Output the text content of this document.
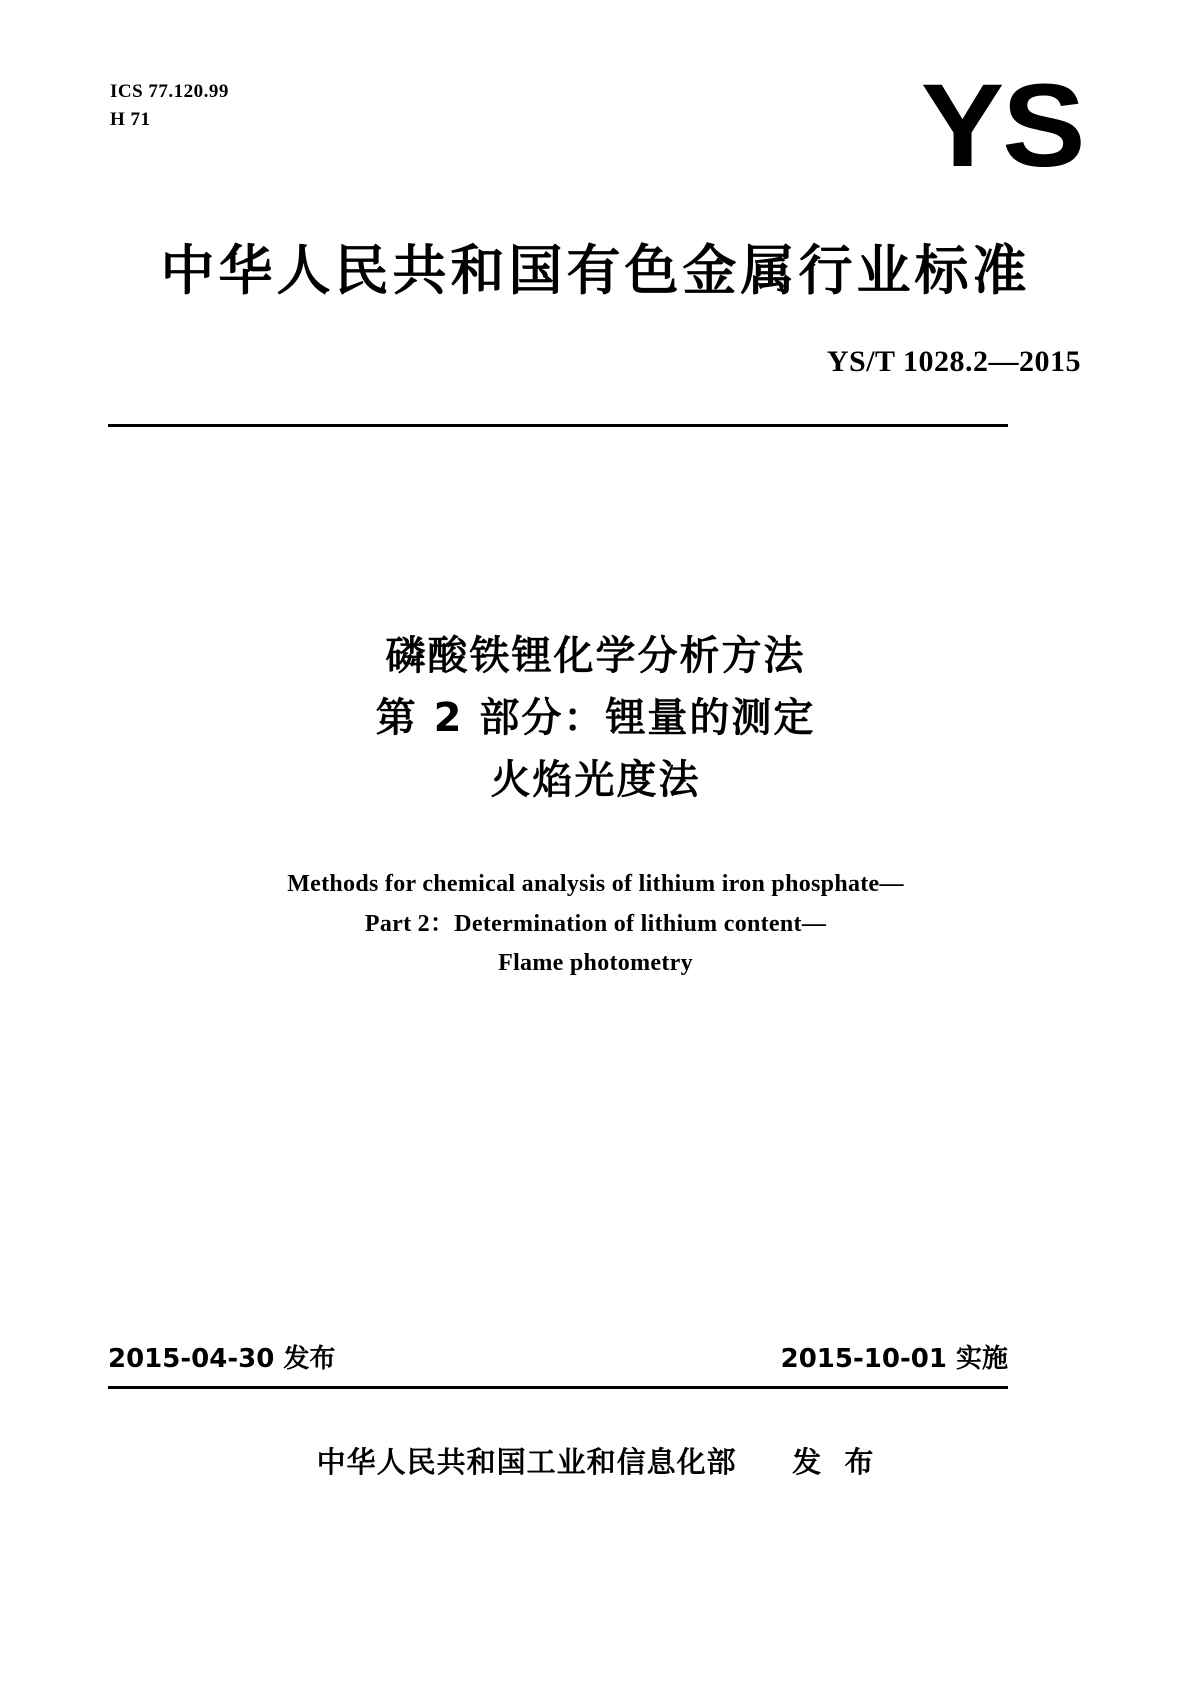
ICS 77.120.99
H 71	YS
中华人民共和国有色金属行业标准
YS/T 1028.2—2015
磷酸铁锂化学分析方法
第 2 部分：锂量的测定
火焰光度法
Methods for chemical analysis of lithium iron phosphate—
Part 2：Determination of lithium content—
Flame photometry
2015-04-30 发布	2015-10-01 实施
中华人民共和国工业和信息化部     发  布
